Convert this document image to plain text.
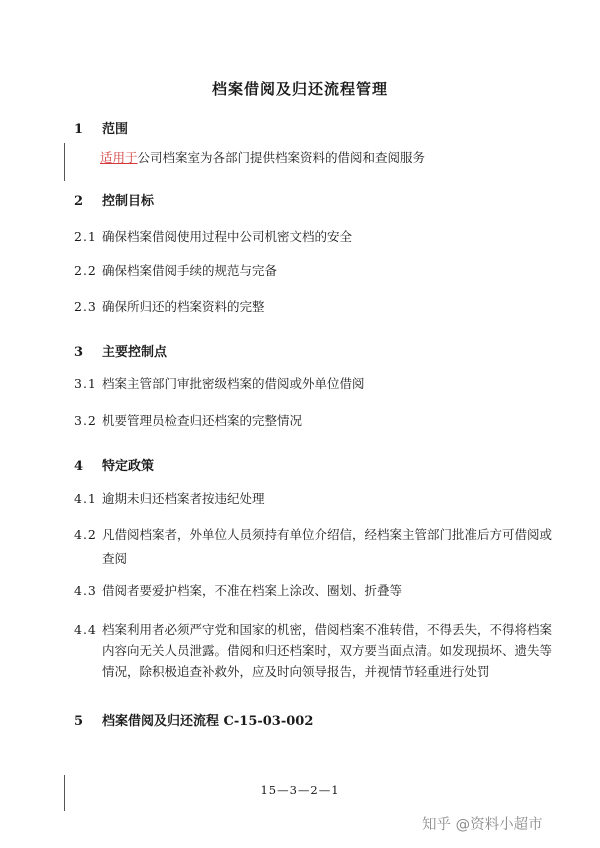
档案借阅及归还流程管理
1 范围
适用于公司档案室为各部门提供档案资料的借阅和查阅服务
2 控制目标
2.1 确保档案借阅使用过程中公司机密文档的安全
2.2 确保档案借阅手续的规范与完备
2.3 确保所归还的档案资料的完整
3 主要控制点
3.1 档案主管部门审批密级档案的借阅或外单位借阅
3.2 机要管理员检查归还档案的完整情况
4 特定政策
4.1 逾期未归还档案者按违纪处理
4.2 凡借阅档案者，外单位人员须持有单位介绍信，经档案主管部门批准后方可借阅或查阅
4.3 借阅者要爱护档案，不准在档案上涂改、圈划、折叠等
4.4 档案利用者必须严守党和国家的机密，借阅档案不准转借，不得丢失，不得将档案内容向无关人员泄露。借阅和归还档案时，双方要当面点清。如发现损坏、遗失等情况，除积极追查补救外，应及时向领导报告，并视情节轻重进行处罚
5 档案借阅及归还流程 C-15-03-002
15—3—2—1
知乎 @资料小超市
